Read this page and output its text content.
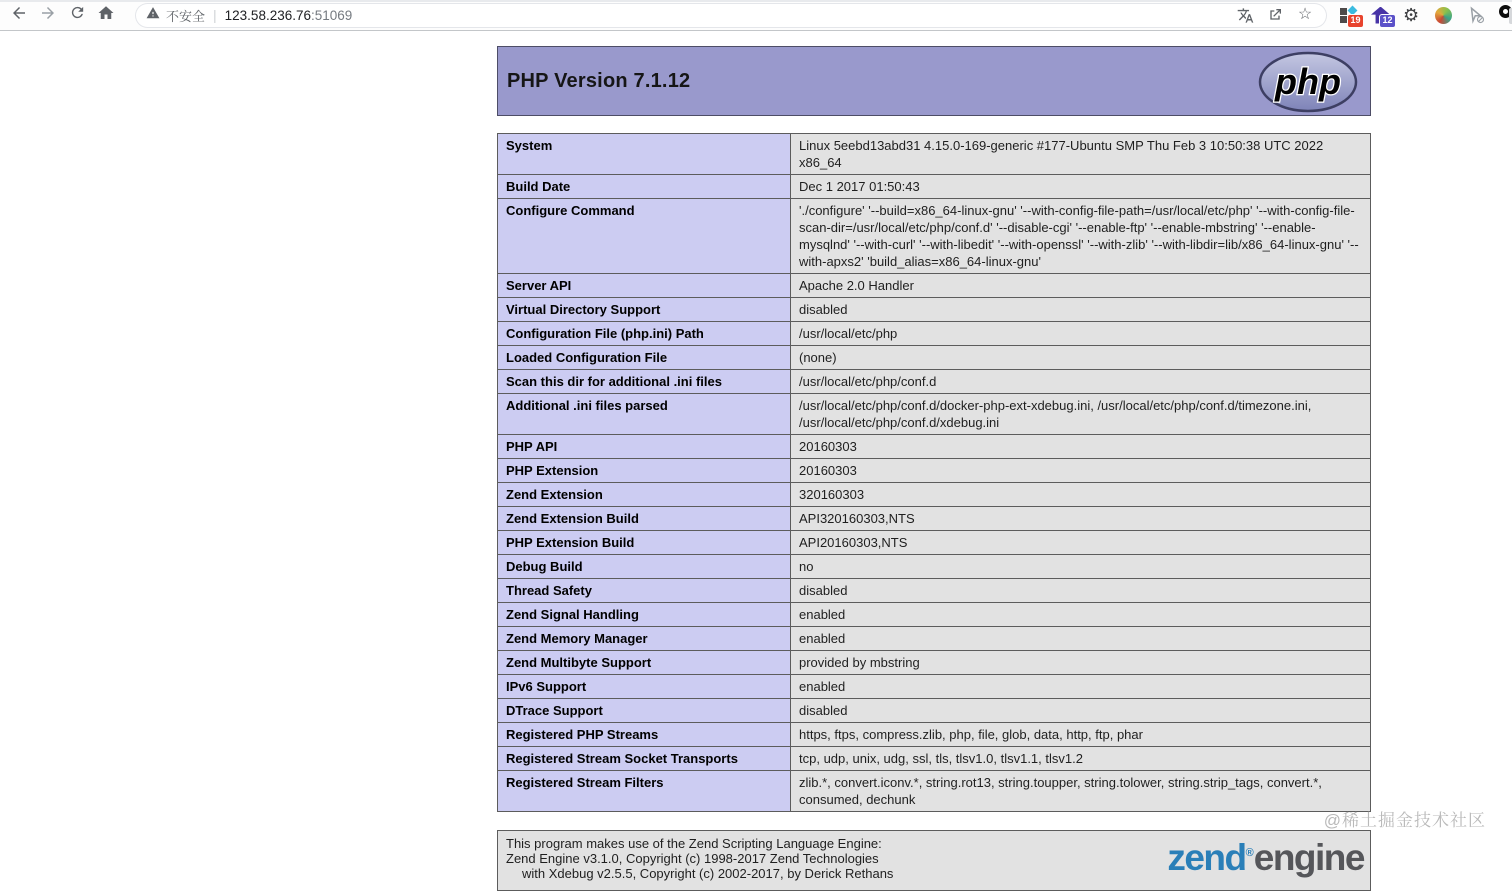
不安全 | 123.58.236.76 :51069	☆	19	12 ⚙
PHP Version 7.1.12	php
System	Linux 5eebd13abd31 4.15.0-169-generic #177-Ubuntu SMP Thu Feb 3 10:50:38 UTC 2022 x86_64
Build Date	Dec 1 2017 01:50:43
Configure Command	'./configure' '--build=x86_64-linux-gnu' '--with-config-file-path=/usr/local/etc/php' '--with-config-file-scan-dir=/usr/local/etc/php/conf.d' '--disable-cgi' '--enable-ftp' '--enable-mbstring' '--enable-mysqlnd' '--with-curl' '--with-libedit' '--with-openssl' '--with-zlib' '--with-libdir=lib/x86_64-linux-gnu' '--with-apxs2' 'build_alias=x86_64-linux-gnu'
Server API	Apache 2.0 Handler
Virtual Directory Support	disabled
Configuration File (php.ini) Path	/usr/local/etc/php
Loaded Configuration File	(none)
Scan this dir for additional .ini files	/usr/local/etc/php/conf.d
Additional .ini files parsed	/usr/local/etc/php/conf.d/docker-php-ext-xdebug.ini, /usr/local/etc/php/conf.d/timezone.ini, /usr/local/etc/php/conf.d/xdebug.ini
PHP API	20160303
PHP Extension	20160303
Zend Extension	320160303
Zend Extension Build	API320160303,NTS
PHP Extension Build	API20160303,NTS
Debug Build	no
Thread Safety	disabled
Zend Signal Handling	enabled
Zend Memory Manager	enabled
Zend Multibyte Support	provided by mbstring
IPv6 Support	enabled
DTrace Support	disabled
Registered PHP Streams	https, ftps, compress.zlib, php, file, glob, data, http, ftp, phar
Registered Stream Socket Transports	tcp, udp, unix, udg, ssl, tls, tlsv1.0, tlsv1.1, tlsv1.2
Registered Stream Filters	zlib.*, convert.iconv.*, string.rot13, string.toupper, string.tolower, string.strip_tags, convert.*, consumed, dechunk
This program makes use of the Zend Scripting Language Engine:
Zend Engine v3.1.0, Copyright (c) 1998-2017 Zend Technologies
with Xdebug v2.5.5, Copyright (c) 2002-2017, by Derick Rethans	zend®engine
@稀土掘金技术社区
